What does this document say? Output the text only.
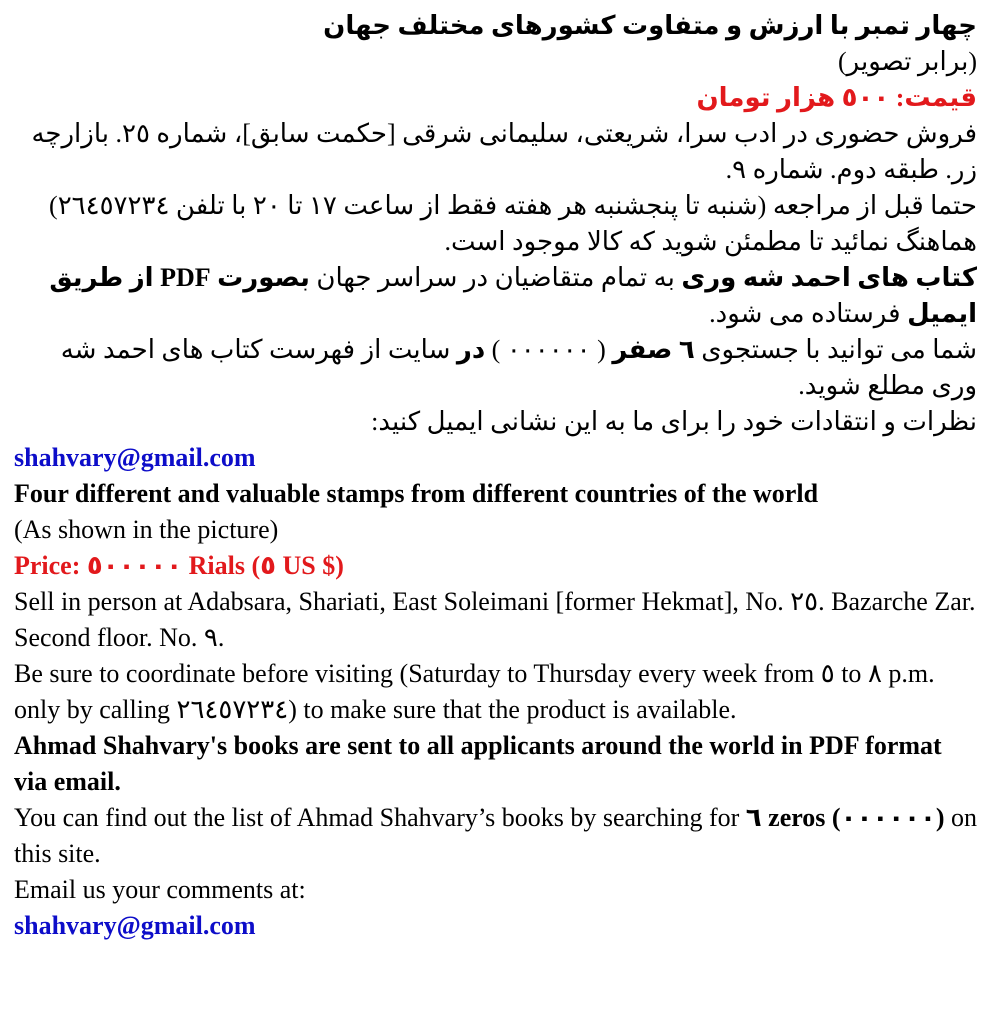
چهار تمبر با ارزش و متفاوت کشورهای مختلف جهان

(برابر تصویر)

قیمت: ٥٠٠ هزار تومان

فروش حضوری در ادب سرا، شریعتی، سلیمانی شرقی [حکمت سابق]، شماره ٢٥. بازارچه زر. طبقه دوم. شماره ٩.

حتما قبل از مراجعه (شنبه تا پنجشنبه هر هفته فقط از ساعت ١٧ تا ٢٠ با تلفن ٢٦٤٥٧٢٣٤) هماهنگ نمائید تا مطمئن شوید که کالا موجود است.

کتاب های احمد شه وری به تمام متقاضیان در سراسر جهان بصورت PDF از طریق ایمیل فرستاده می شود.

شما می توانید با جستجوی ٦ صفر ( ٠٠٠٠٠٠ ) در سایت از فهرست کتاب های احمد شه وری مطلع شوید.

نظرات و انتقادات خود را برای ما به این نشانی ایمیل کنید:

shahvary@gmail.com

Four different and valuable stamps from different countries of the world

(As shown in the picture)

Price: ٥٠٠٠٠٠ Rials (٥ US $)

Sell in person at Adabsara, Shariati, East Soleimani [former Hekmat], No. ٢٥. Bazarche Zar. Second floor. No. ٩.

Be sure to coordinate before visiting (Saturday to Thursday every week from ٥ to ٨ p.m. only by calling ٢٦٤٥٧٢٣٤) to make sure that the product is available.

Ahmad Shahvary's books are sent to all applicants around the world in PDF format via email.

You can find out the list of Ahmad Shahvary’s books by searching for ٦ zeros (٠٠٠٠٠٠) on this site.

Email us your comments at:

shahvary@gmail.com
